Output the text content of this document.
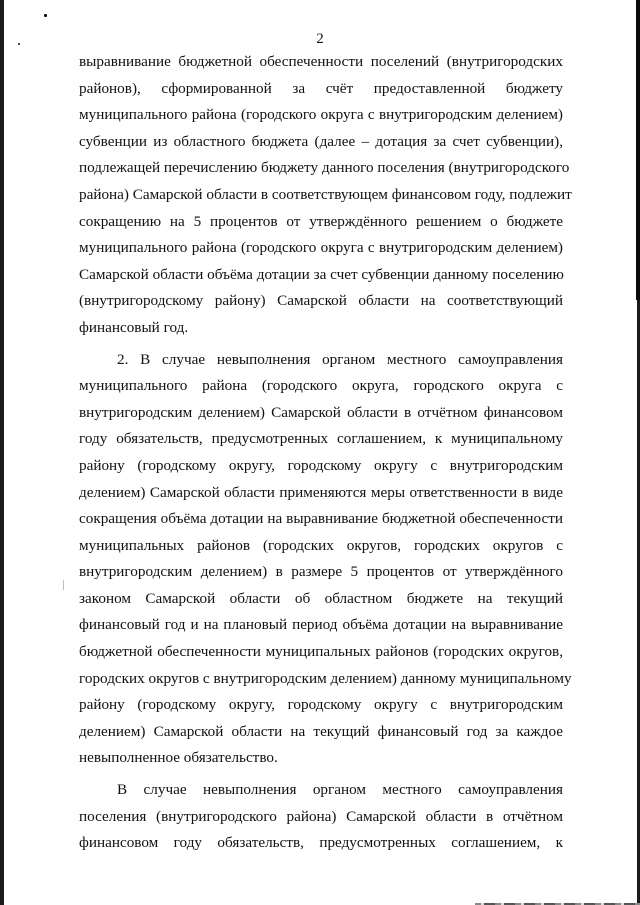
2
выравнивание бюджетной обеспеченности поселений (внутригородских
районов), сформированной за счёт предоставленной бюджету
муниципального района (городского округа с внутригородским делением)
субвенции из областного бюджета (далее – дотация за счет субвенции),
подлежащей перечислению бюджету данного поселения (внутригородского
района) Самарской области в соответствующем финансовом году, подлежит
сокращению на 5 процентов от утверждённого решением о бюджете
муниципального района (городского округа с внутригородским делением)
Самарской области объёма дотации за счет субвенции данному поселению
(внутригородскому району) Самарской области на соответствующий
финансовый год.
2. В случае невыполнения органом местного самоуправления
муниципального района (городского округа, городского округа с
внутригородским делением) Самарской области в отчётном финансовом
году обязательств, предусмотренных соглашением, к муниципальному
району (городскому округу, городскому округу с внутригородским
делением) Самарской области применяются меры ответственности в виде
сокращения объёма дотации на выравнивание бюджетной обеспеченности
муниципальных районов (городских округов, городских округов с
внутригородским делением) в размере 5 процентов от утверждённого
законом Самарской области об областном бюджете на текущий
финансовый год и на плановый период объёма дотации на выравнивание
бюджетной обеспеченности муниципальных районов (городских округов,
городских округов с внутригородским делением) данному муниципальному
району (городскому округу, городскому округу с внутригородским
делением) Самарской области на текущий финансовый год за каждое
невыполненное обязательство.
В случае невыполнения органом местного самоуправления
поселения (внутригородского района) Самарской области в отчётном
финансовом году обязательств, предусмотренных соглашением, к
